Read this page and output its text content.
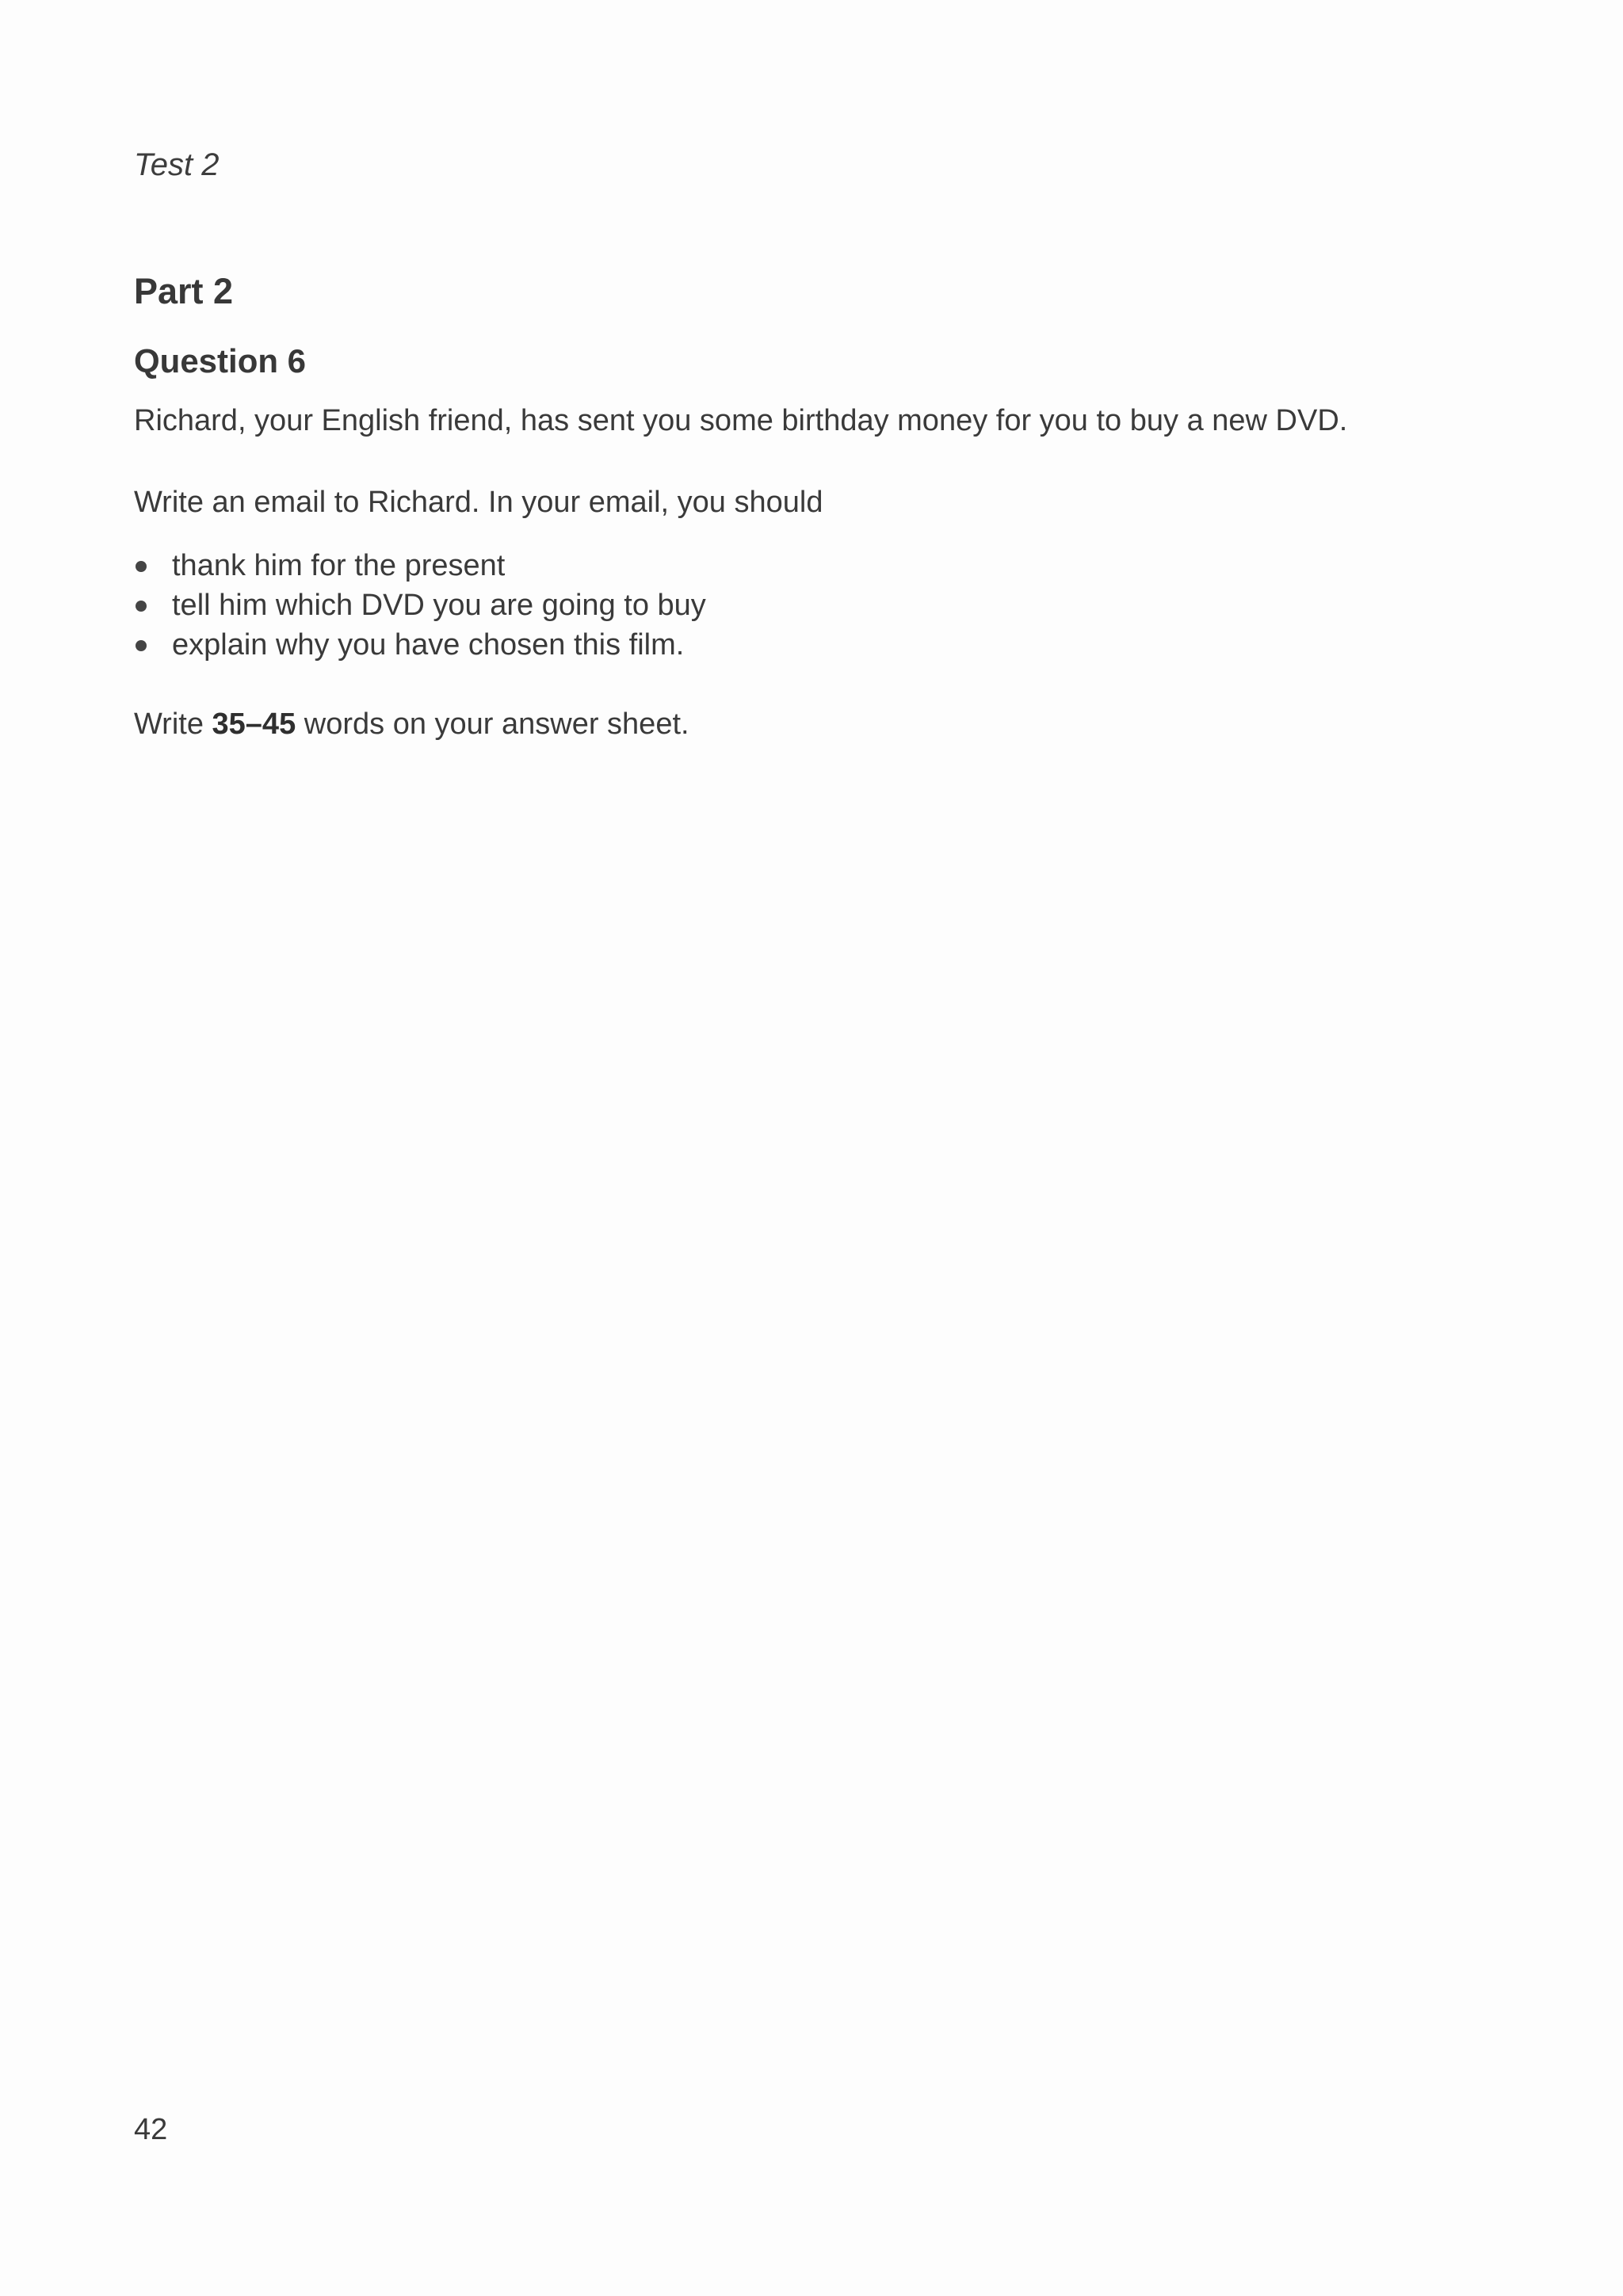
Test 2

Part 2
Question 6

Richard, your English friend, has sent you some birthday money for you to buy a new DVD.

Write an email to Richard. In your email, you should

thank him for the present
tell him which DVD you are going to buy
explain why you have chosen this film.

Write 35–45 words on your answer sheet.

42
